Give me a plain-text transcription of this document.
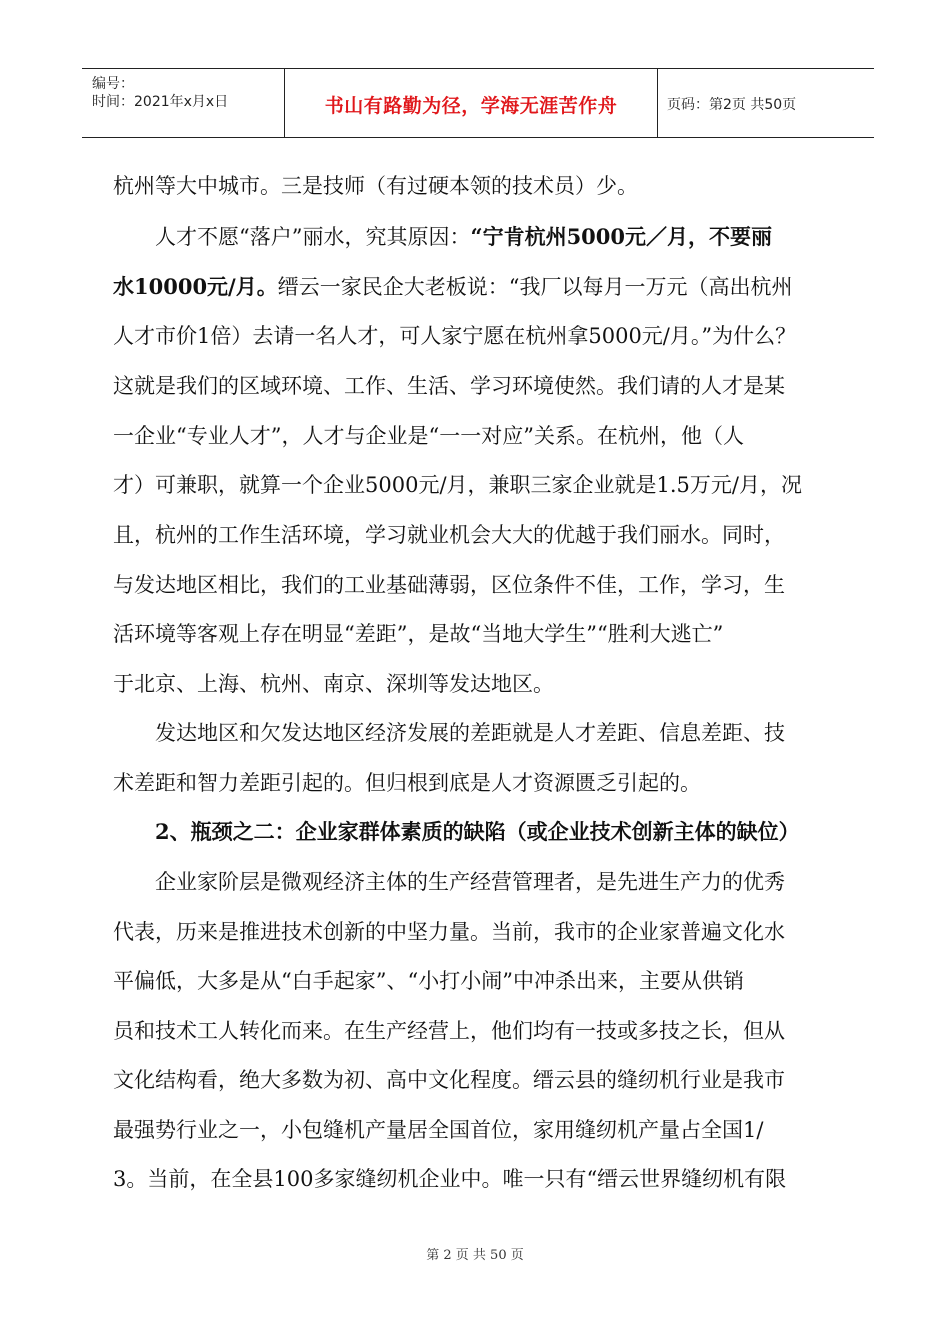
编号：
时间：2021年x月x日	书山有路勤为径，学海无涯苦作舟	页码：第2页 共50页
杭州等大中城市。三是技师（有过硬本领的技术员）少。
　　人才不愿“落户”丽水，究其原因：“宁肯杭州5000元／月，不要丽
水10000元/月。缙云一家民企大老板说：“我厂以每月一万元（高出杭州
人才市价1倍）去请一名人才，可人家宁愿在杭州拿5000元/月。”为什么？
这就是我们的区域环境、工作、生活、学习环境使然。我们请的人才是某
一企业“专业人才”，人才与企业是“一一对应”关系。在杭州，他（人
才）可兼职，就算一个企业5000元/月，兼职三家企业就是1.5万元/月，况
且，杭州的工作生活环境，学习就业机会大大的优越于我们丽水。同时，
与发达地区相比，我们的工业基础薄弱，区位条件不佳，工作，学习，生
活环境等客观上存在明显“差距”，是故“当地大学生”“胜利大逃亡”
于北京、上海、杭州、南京、深圳等发达地区。
　　发达地区和欠发达地区经济发展的差距就是人才差距、信息差距、技
术差距和智力差距引起的。但归根到底是人才资源匮乏引起的。
　　2、瓶颈之二：企业家群体素质的缺陷（或企业技术创新主体的缺位）
　　企业家阶层是微观经济主体的生产经营管理者，是先进生产力的优秀
代表，历来是推进技术创新的中坚力量。当前，我市的企业家普遍文化水
平偏低，大多是从“白手起家”、“小打小闹”中冲杀出来，主要从供销
员和技术工人转化而来。在生产经营上，他们均有一技或多技之长，但从
文化结构看，绝大多数为初、高中文化程度。缙云县的缝纫机行业是我市
最强势行业之一，小包缝机产量居全国首位，家用缝纫机产量占全国1/
3。当前，在全县100多家缝纫机企业中。唯一只有“缙云世界缝纫机有限
第 2 页 共 50 页
